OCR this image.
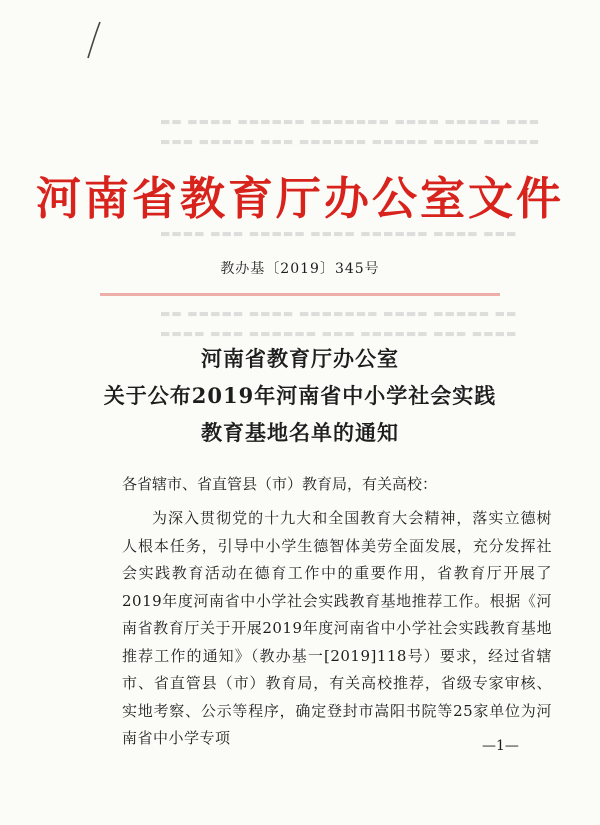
▬▬ ▬▬▬▬ ▬▬▬▬▬▬ ▬▬▬▬▬▬▬ ▬▬▬▬ ▬▬▬▬▬ ▬▬▬
▬▬▬ ▬▬▬▬▬ ▬▬▬ ▬▬▬▬▬▬ ▬▬▬▬▬ ▬▬▬▬ ▬▬▬▬▬
▬▬▬▬ ▬▬▬ ▬▬▬▬▬ ▬▬▬▬ ▬▬▬▬▬▬ ▬▬▬▬ ▬▬▬
▬▬ ▬▬▬▬▬ ▬▬▬▬ ▬▬▬▬▬▬▬ ▬▬▬▬ ▬▬▬▬▬ ▬▬
▬▬▬▬ ▬▬▬ ▬▬▬▬▬▬ ▬▬▬ ▬▬▬▬▬▬ ▬▬▬ ▬▬▬▬
河南省教育厅办公室文件
教办基〔2019〕345号
河南省教育厅办公室
关于公布2019年河南省中小学社会实践
教育基地名单的通知
各省辖市、省直管县（市）教育局，有关高校：
为深入贯彻党的十九大和全国教育大会精神，落实立德树人根本任务，引导中小学生德智体美劳全面发展，充分发挥社会实践教育活动在德育工作中的重要作用，省教育厅开展了2019年度河南省中小学社会实践教育基地推荐工作。根据《河南省教育厅关于开展2019年度河南省中小学社会实践教育基地推荐工作的通知》（教办基一[2019]118号）要求，经过省辖市、省直管县（市）教育局，有关高校推荐，省级专家审核、实地考察、公示等程序，确定登封市嵩阳书院等25家单位为河南省中小学专项	—1—
